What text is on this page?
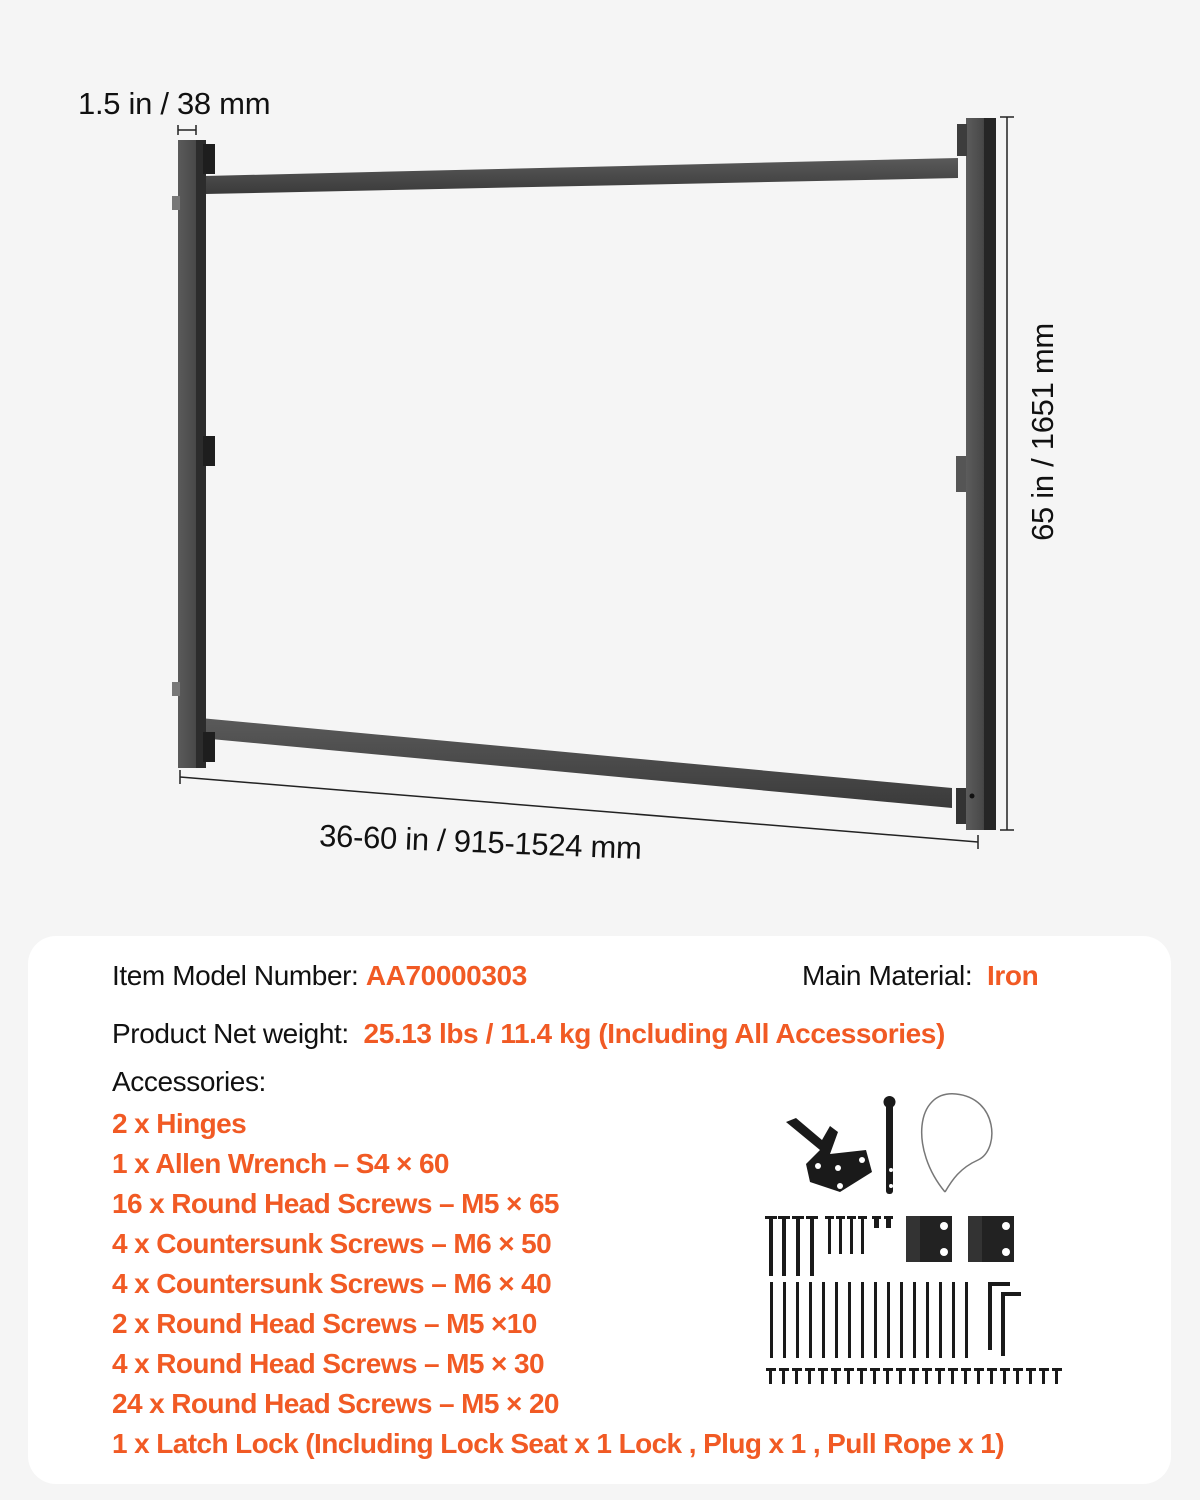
1.5 in / 38 mm
36-60 in / 915-1524 mm
65 in / 1651 mm
Item Model Number: AA70000303	Main Material: Iron
Product Net weight: 25.13 lbs / 11.4 kg (Including All Accessories)
Accessories:
2 x Hinges
1 x Allen Wrench – S4 × 60
16 x Round Head Screws – M5 × 65
4 x Countersunk Screws – M6 × 50
4 x Countersunk Screws – M6 × 40
2 x Round Head Screws – M5 ×10
4 x Round Head Screws – M5 × 30
24 x Round Head Screws – M5 × 20
1 x Latch Lock (Including Lock Seat x 1 Lock , Plug x 1 , Pull Rope x 1)
